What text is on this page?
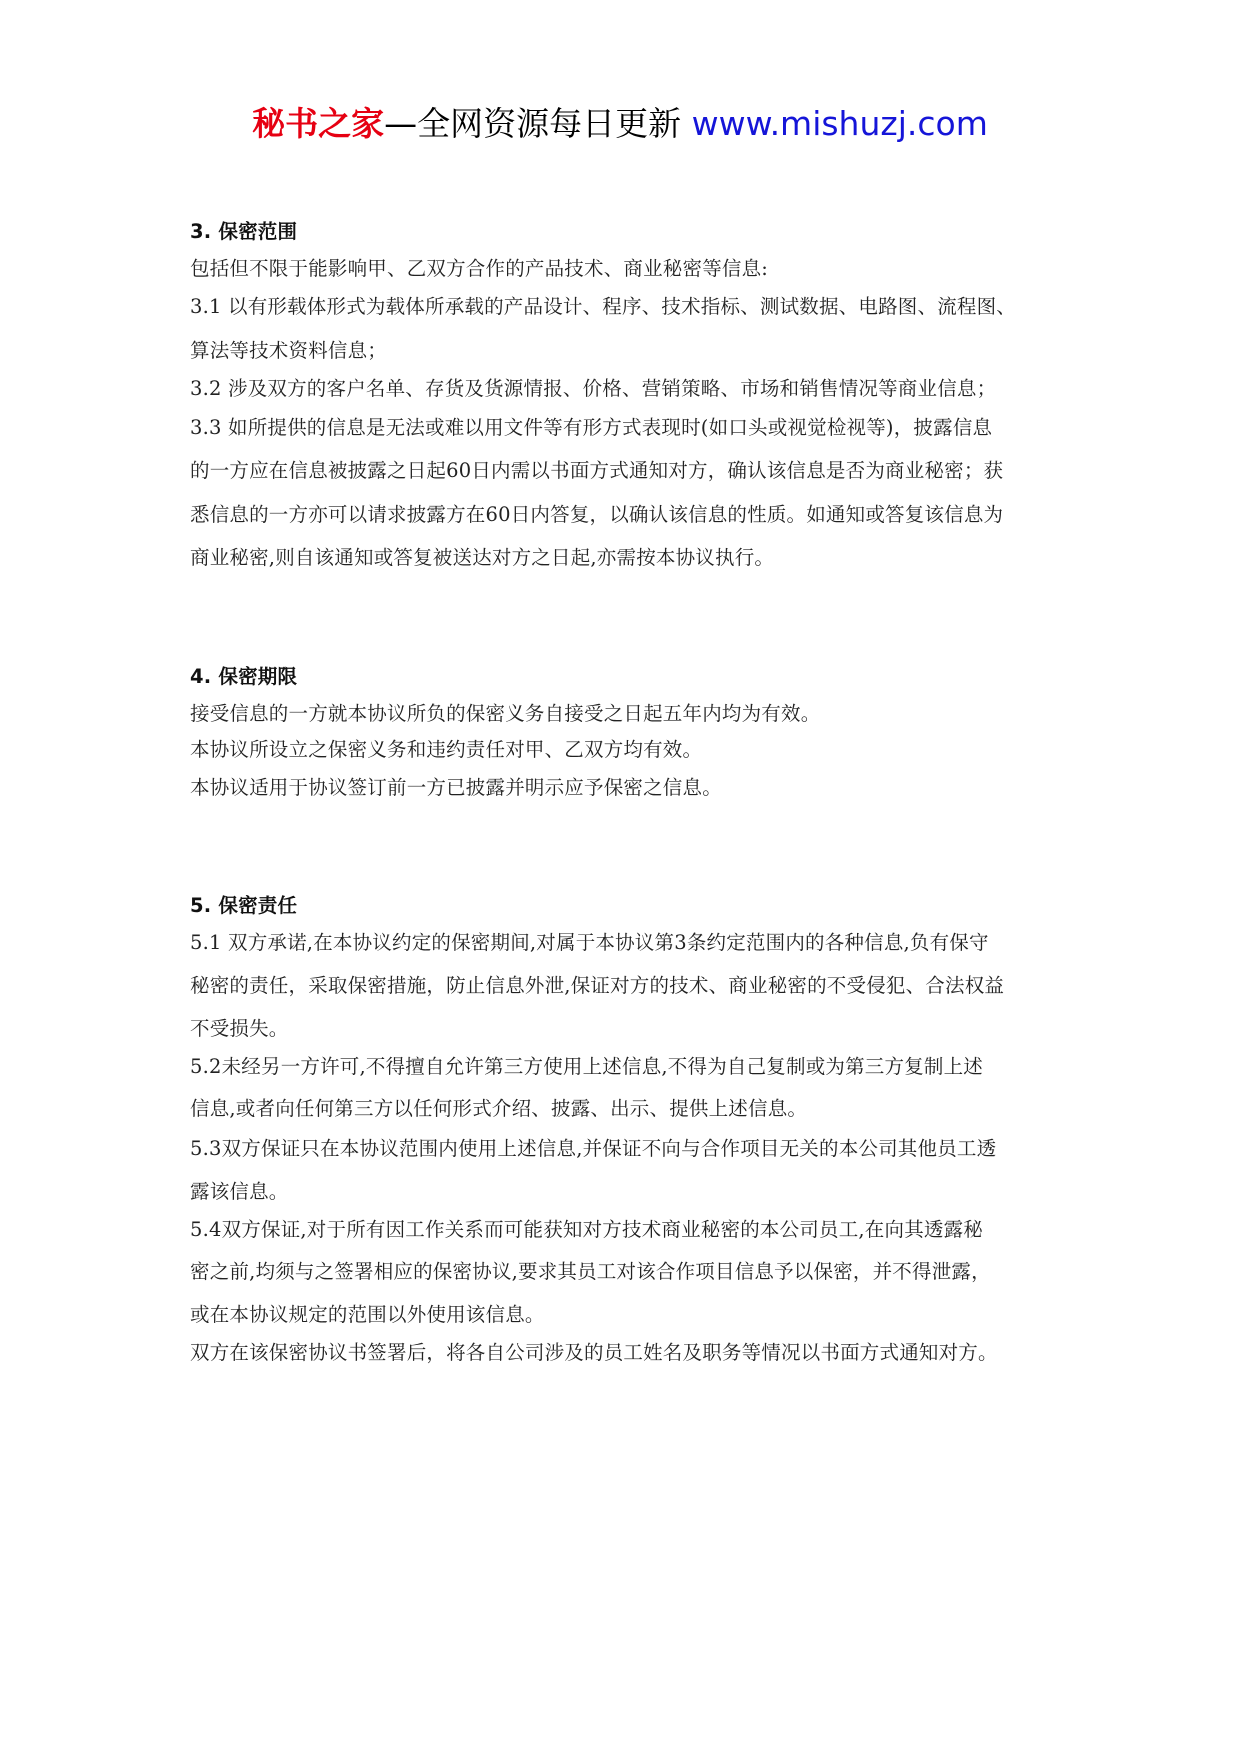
秘书之家—全网资源每日更新 www.mishuzj.com
3. 保密范围
包括但不限于能影响甲、乙双方合作的产品技术、商业秘密等信息:
3.1 以有形载体形式为载体所承载的产品设计、程序、技术指标、测试数据、电路图、流程图、
算法等技术资料信息；
3.2 涉及双方的客户名单、存货及货源情报、价格、营销策略、市场和销售情况等商业信息；
3.3 如所提供的信息是无法或难以用文件等有形方式表现时(如口头或视觉检视等)，披露信息
的一方应在信息被披露之日起60日内需以书面方式通知对方，确认该信息是否为商业秘密；获
悉信息的一方亦可以请求披露方在60日内答复，以确认该信息的性质。如通知或答复该信息为
商业秘密,则自该通知或答复被送达对方之日起,亦需按本协议执行。
4. 保密期限
接受信息的一方就本协议所负的保密义务自接受之日起五年内均为有效。
本协议所设立之保密义务和违约责任对甲、乙双方均有效。
本协议适用于协议签订前一方已披露并明示应予保密之信息。
5. 保密责任
5.1 双方承诺,在本协议约定的保密期间,对属于本协议第3条约定范围内的各种信息,负有保守
秘密的责任，采取保密措施，防止信息外泄,保证对方的技术、商业秘密的不受侵犯、合法权益
不受损失。
5.2未经另一方许可,不得擅自允许第三方使用上述信息,不得为自己复制或为第三方复制上述
信息,或者向任何第三方以任何形式介绍、披露、出示、提供上述信息。
5.3双方保证只在本协议范围内使用上述信息,并保证不向与合作项目无关的本公司其他员工透
露该信息。
5.4双方保证,对于所有因工作关系而可能获知对方技术商业秘密的本公司员工,在向其透露秘
密之前,均须与之签署相应的保密协议,要求其员工对该合作项目信息予以保密，并不得泄露，
或在本协议规定的范围以外使用该信息。
双方在该保密协议书签署后，将各自公司涉及的员工姓名及职务等情况以书面方式通知对方。
